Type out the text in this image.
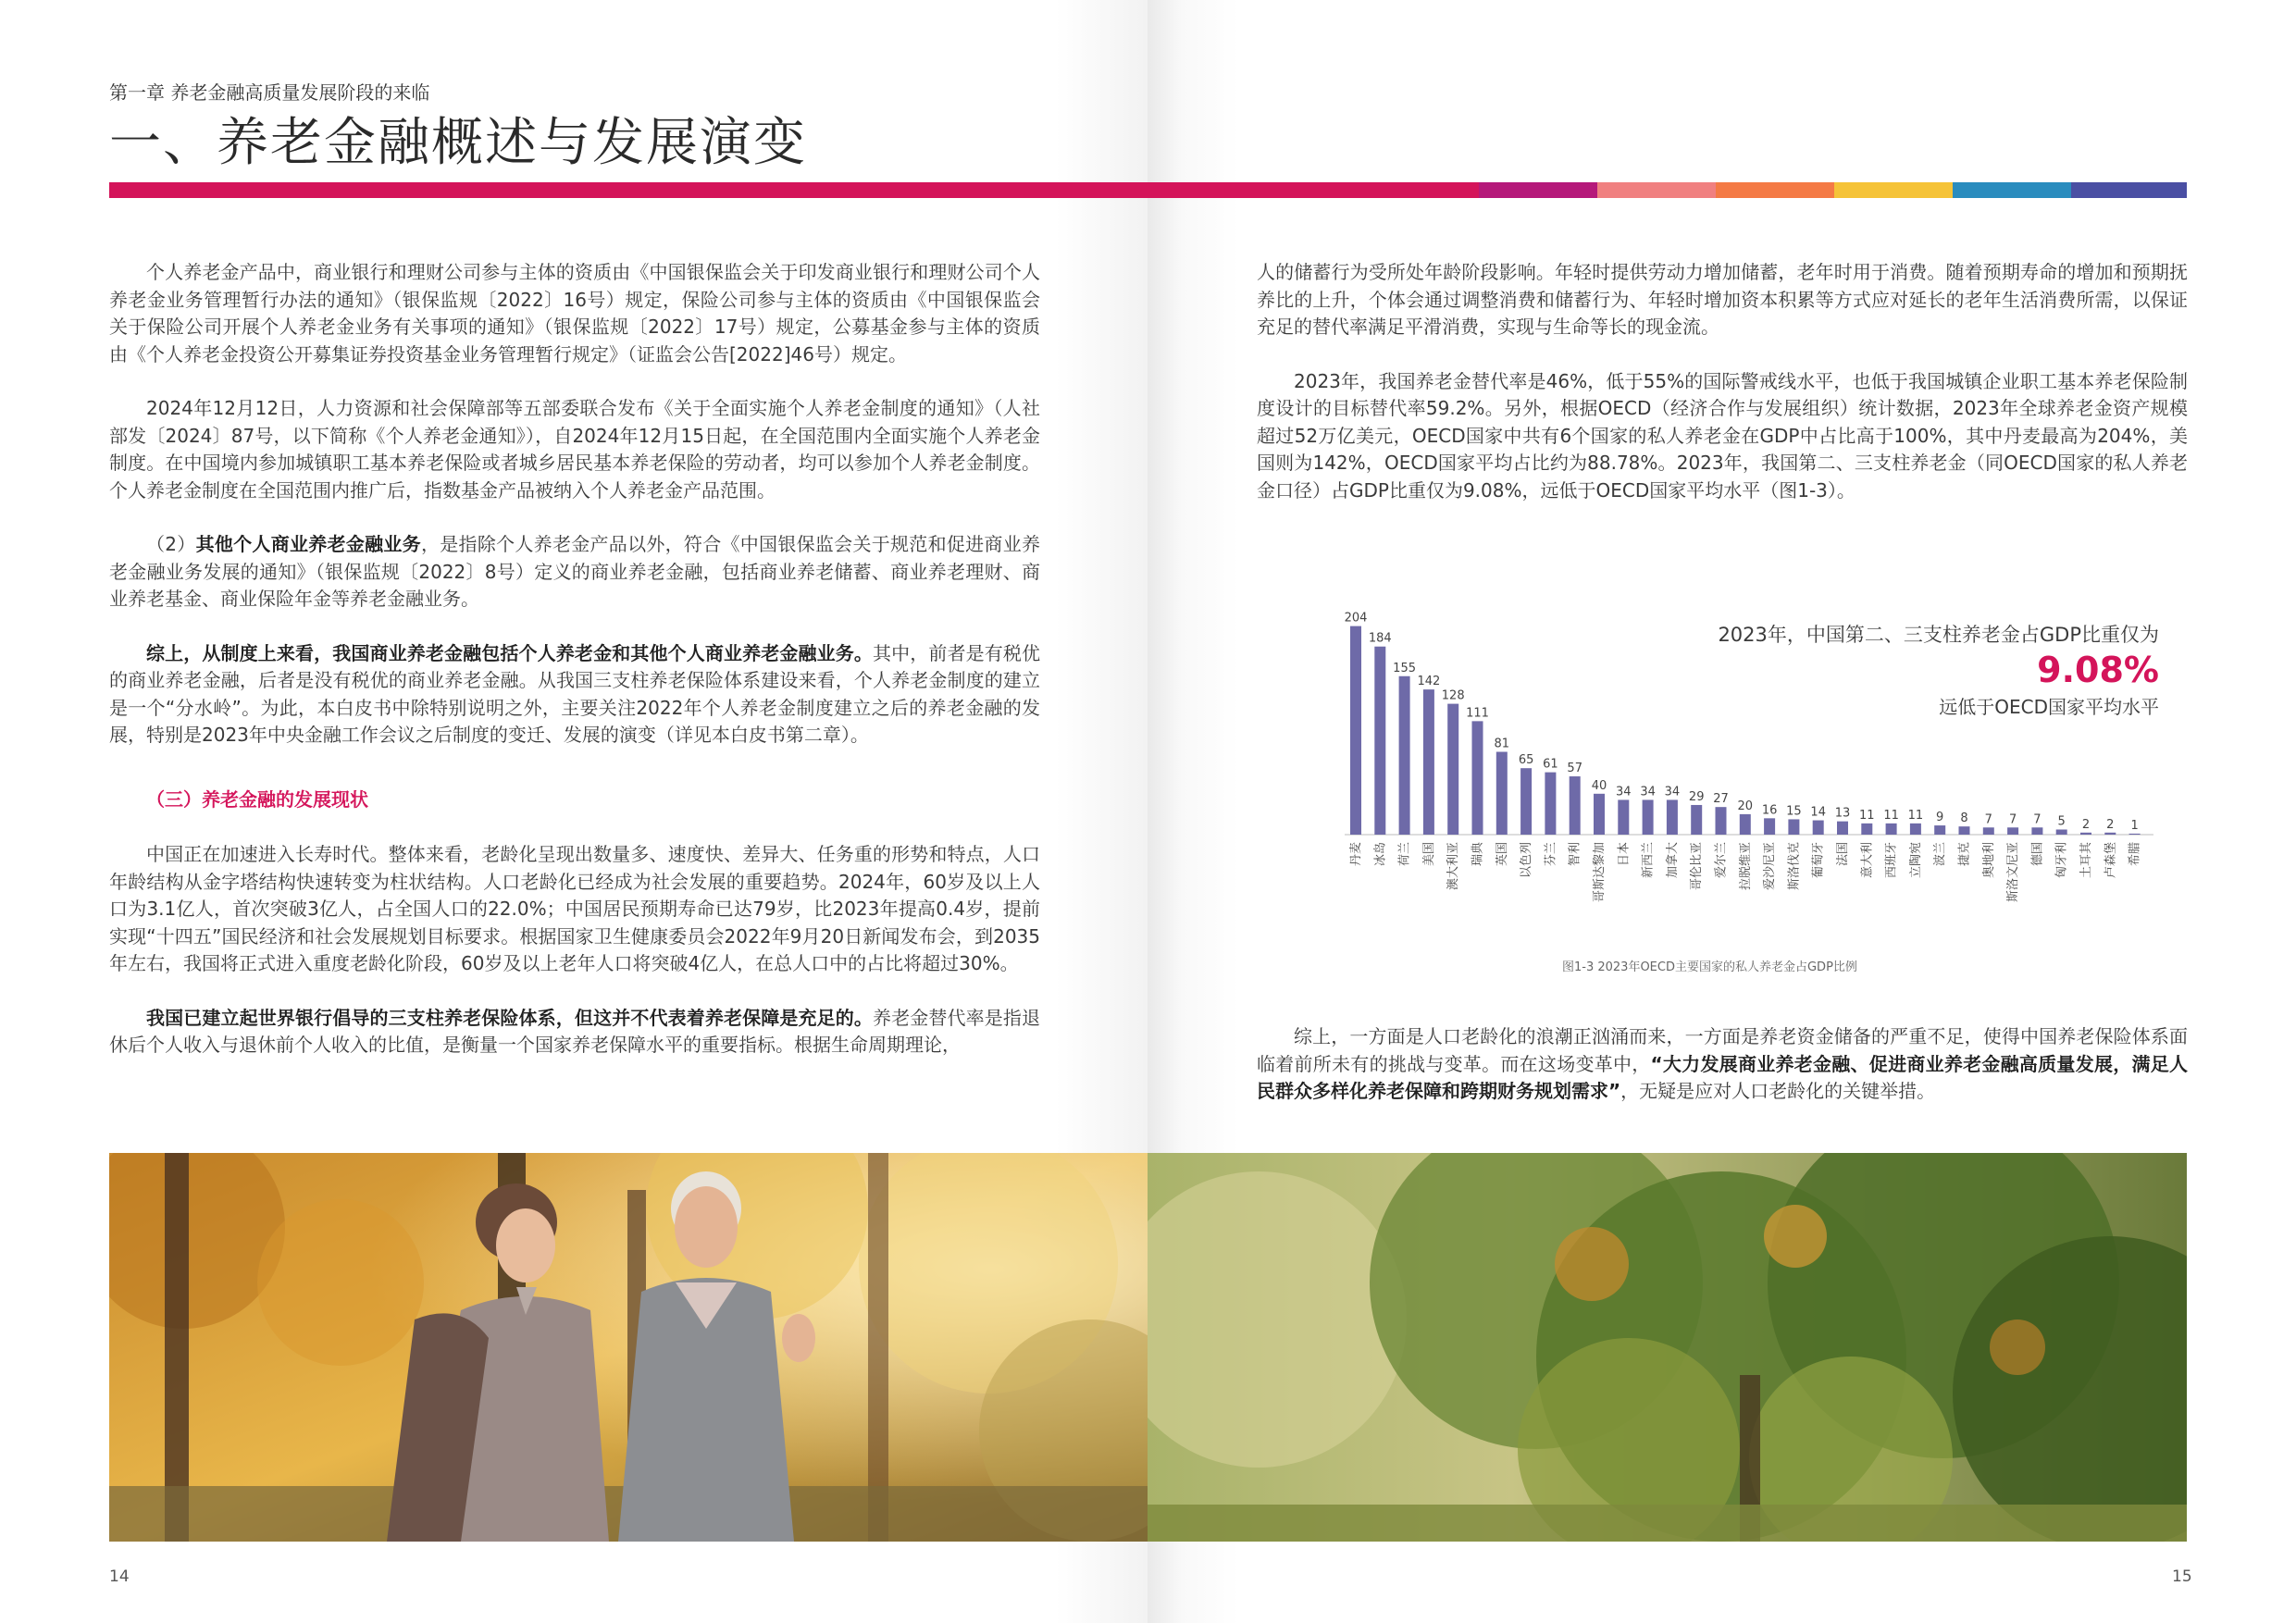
第一章 养老金融高质量发展阶段的来临
一、养老金融概述与发展演变

个人养老金产品中，商业银行和理财公司参与主体的资质由《中国银保监会关于印发商业银行和理财公司个人养老金业务管理暂行办法的通知》（银保监规〔2022〕16号）规定，保险公司参与主体的资质由《中国银保监会关于保险公司开展个人养老金业务有关事项的通知》（银保监规〔2022〕17号）规定，公募基金参与主体的资质由《个人养老金投资公开募集证券投资基金业务管理暂行规定》（证监会公告[2022]46号）规定。

2024年12月12日，人力资源和社会保障部等五部委联合发布《关于全面实施个人养老金制度的通知》（人社部发〔2024〕87号，以下简称《个人养老金通知》），自2024年12月15日起，在全国范围内全面实施个人养老金制度。在中国境内参加城镇职工基本养老保险或者城乡居民基本养老保险的劳动者，均可以参加个人养老金制度。个人养老金制度在全国范围内推广后，指数基金产品被纳入个人养老金产品范围。

（2）其他个人商业养老金融业务，是指除个人养老金产品以外，符合《中国银保监会关于规范和促进商业养老金融业务发展的通知》（银保监规〔2022〕8号）定义的商业养老金融，包括商业养老储蓄、商业养老理财、商业养老基金、商业保险年金等养老金融业务。

综上，从制度上来看，我国商业养老金融包括个人养老金和其他个人商业养老金融业务。其中，前者是有税优的商业养老金融，后者是没有税优的商业养老金融。从我国三支柱养老保险体系建设来看，个人养老金制度的建立是一个“分水岭”。为此，本白皮书中除特别说明之外，主要关注2022年个人养老金制度建立之后的养老金融的发展，特别是2023年中央金融工作会议之后制度的变迁、发展的演变（详见本白皮书第二章）。

（三）养老金融的发展现状

中国正在加速进入长寿时代。整体来看，老龄化呈现出数量多、速度快、差异大、任务重的形势和特点，人口年龄结构从金字塔结构快速转变为柱状结构。人口老龄化已经成为社会发展的重要趋势。2024年，60岁及以上人口为3.1亿人，首次突破3亿人，占全国人口的22.0%；中国居民预期寿命已达79岁，比2023年提高0.4岁，提前实现“十四五”国民经济和社会发展规划目标要求。根据国家卫生健康委员会2022年9月20日新闻发布会，到2035年左右，我国将正式进入重度老龄化阶段，60岁及以上老年人口将突破4亿人，在总人口中的占比将超过30%。

我国已建立起世界银行倡导的三支柱养老保险体系，但这并不代表着养老保障是充足的。养老金替代率是指退休后个人收入与退休前个人收入的比值，是衡量一个国家养老保障水平的重要指标。根据生命周期理论，

人的储蓄行为受所处年龄阶段影响。年轻时提供劳动力增加储蓄，老年时用于消费。随着预期寿命的增加和预期抚养比的上升，个体会通过调整消费和储蓄行为、年轻时增加资本积累等方式应对延长的老年生活消费所需，以保证充足的替代率满足平滑消费，实现与生命等长的现金流。

2023年，我国养老金替代率是46%，低于55%的国际警戒线水平，也低于我国城镇企业职工基本养老保险制度设计的目标替代率59.2%。另外，根据OECD（经济合作与发展组织）统计数据，2023年全球养老金资产规模超过52万亿美元，OECD国家中共有6个国家的私人养老金在GDP中占比高于100%，其中丹麦最高为204%，美国则为142%，OECD国家平均占比约为88.78%。2023年，我国第二、三支柱养老金（同OECD国家的私人养老金口径）占GDP比重仅为9.08%，远低于OECD国家平均水平（图1-3）。

204
丹麦
184
冰岛
155
荷兰
142
美国
128
澳大利亚
111
瑞典
81
英国
65
以色列
61
芬兰
57
智利
40
哥斯达黎加
34
日本
34
新西兰
34
加拿大
29
哥伦比亚
27
爱尔兰
20
拉脱维亚
16
爱沙尼亚
15
斯洛伐克
14
葡萄牙
13
法国
11
意大利
11
西班牙
11
立陶宛
9
波兰
8
捷克
7
奥地利
7
斯洛文尼亚
7
德国
5
匈牙利
2
土耳其
2
卢森堡
1
希腊
2023年，中国第二、三支柱养老金占GDP比重仅为
9.08%
远低于OECD国家平均水平
图1-3 2023年OECD主要国家的私人养老金占GDP比例

综上，一方面是人口老龄化的浪潮正汹涌而来，一方面是养老资金储备的严重不足，使得中国养老保险体系面临着前所未有的挑战与变革。而在这场变革中，“大力发展商业养老金融、促进商业养老金融高质量发展，满足人民群众多样化养老保障和跨期财务规划需求”，无疑是应对人口老龄化的关键举措。

14	15
